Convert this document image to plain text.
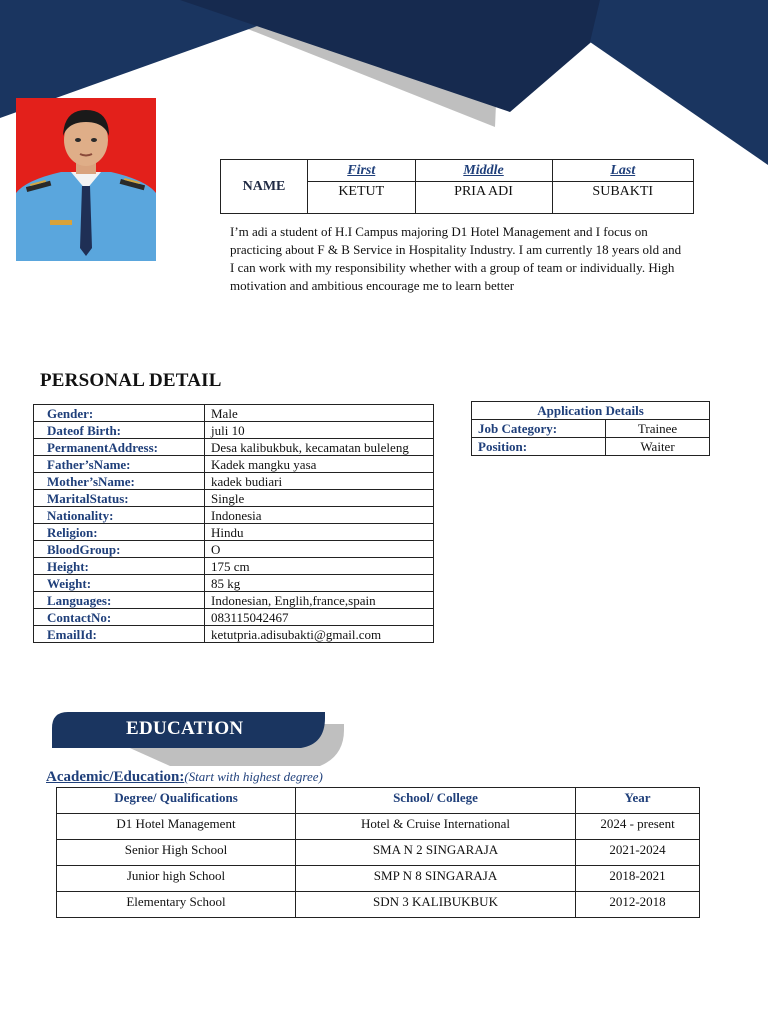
NAME	First	Middle	Last
	KETUT	PRIA ADI	SUBAKTI
I’m adi a student of H.I Campus majoring D1 Hotel Management and I focus on practicing about F & B Service in Hospitality Industry. I am currently 18 years old and I can work with my responsibility whether with a group of team or individually. High motivation and ambitious encourage me to learn better
PERSONAL DETAIL
Gender:	Male
Dateof Birth:	juli 10
PermanentAddress:	Desa kalibukbuk, kecamatan buleleng
Father’sName:	Kadek mangku yasa
Mother’sName:	kadek budiari
MaritalStatus:	Single
Nationality:	Indonesia
Religion:	Hindu
BloodGroup:	O
Height:	175 cm
Weight:	85 kg
Languages:	Indonesian, Englih,france,spain
ContactNo:	083115042467
EmailId:	ketutpria.adisubakti@gmail.com
Application Details	
Job Category:	Trainee
Position:	Waiter
EDUCATION
Academic/Education:(Start with highest degree)
Degree/ Qualifications	School/ College	Year
D1 Hotel Management	Hotel & Cruise International	2024 - present
Senior High School	SMA N 2 SINGARAJA	2021-2024
Junior high School	SMP N 8 SINGARAJA	2018-2021
Elementary School	SDN 3 KALIBUKBUK	2012-2018
